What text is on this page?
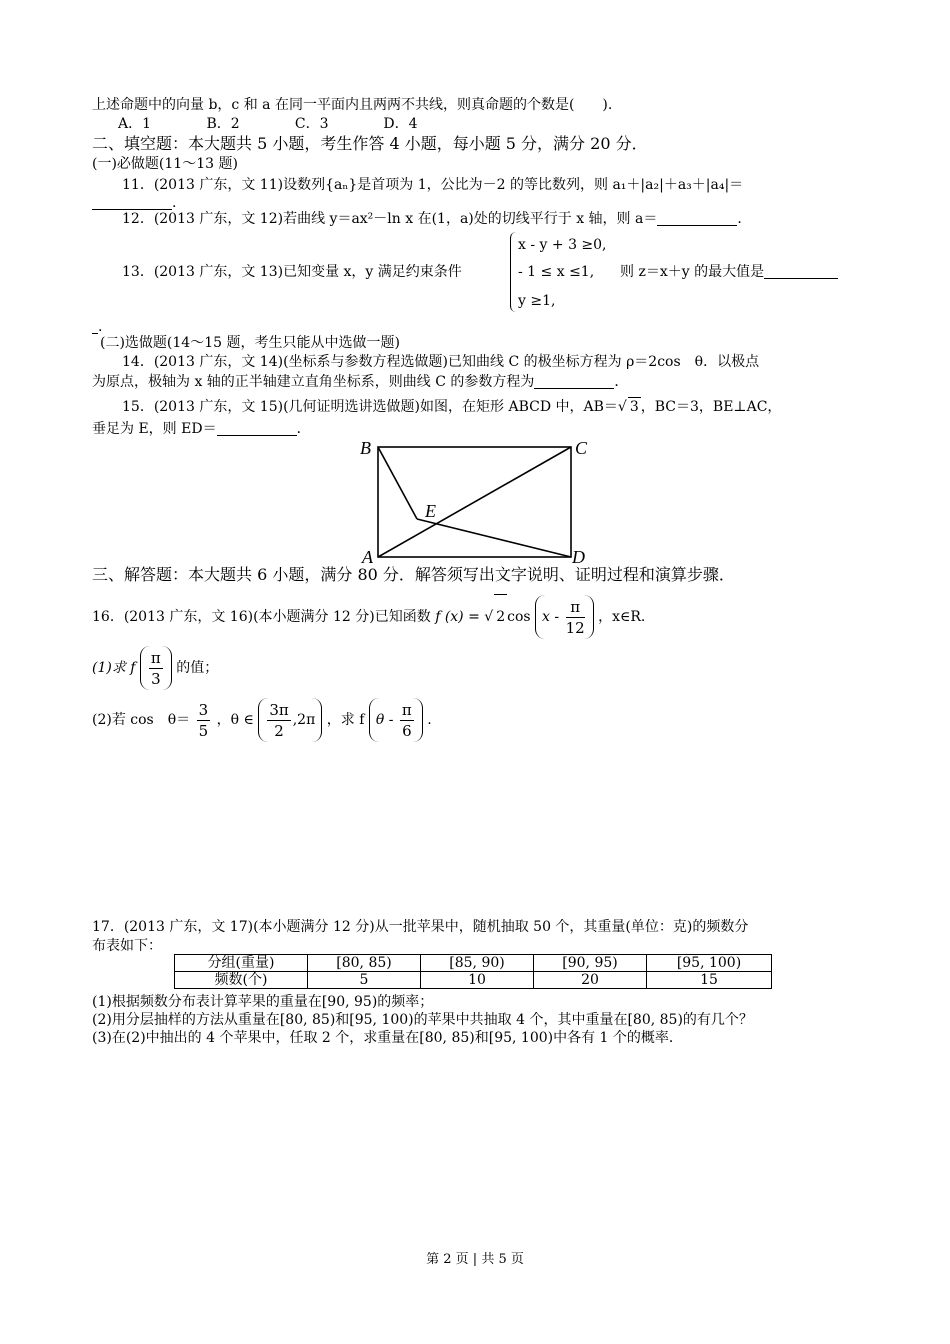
上述命题中的向量 b，c 和 a 在同一平面内且两两不共线，则真命题的个数是(　　).
A．1	B．2	C．3	D．4
二、填空题：本大题共 5 小题，考生作答 4 小题，每小题 5 分，满分 20 分．
(一)必做题(11～13 题)
11．(2013 广东，文 11)设数列{aₙ}是首项为 1，公比为－2 的等比数列，则 a₁＋|a₂|＋a₃＋|a₄|＝
.
12．(2013 广东，文 12)若曲线 y＝ax²－ln x 在(1，a)处的切线平行于 x 轴，则 a＝	．
13．(2013 广东，文 13)已知变量 x，y 满足约束条件
x - y + 3 ≥0,
- 1 ≤ x ≤1,
y ≥1,
则 z＝x＋y 的最大值是
.
(二)选做题(14～15 题，考生只能从中选做一题)
14．(2013 广东，文 14)(坐标系与参数方程选做题)已知曲线 C 的极坐标方程为 ρ＝2cos　θ．以极点
为原点，极轴为 x 轴的正半轴建立直角坐标系，则曲线 C 的参数方程为	．
15．(2013 广东，文 15)(几何证明选讲选做题)如图，在矩形 ABCD 中，AB＝√ 3 ，BC＝3，BE⊥AC，
垂足为 E，则 ED＝	．
B	C
E
A	D
三、解答题：本大题共 6 小题，满分 80 分．解答须写出文字说明、证明过程和演算步骤．
16．(2013 广东，文 16)(本小题满分 12 分)已知函数 f (x) = √ 2 cos x - $\frac{\pi}{12}$ ，x∈R.
(1)求 f $\frac{\pi}{3}$ 的值；
(2)若 cos　$\theta= \frac{3}{5}$ ，θ ∈ $\frac{3\pi}{2} ,2\pi$ ，求 f θ - $\frac{\pi}{6}$ .
17．(2013 广东，文 17)(本小题满分 12 分)从一批苹果中，随机抽取 50 个，其重量(单位：克)的频数分
布表如下：
分组(重量)	[80, 85)	[85, 90)	[90, 95)	[95, 100)
频数(个)	5	10	20	15
(1)根据频数分布表计算苹果的重量在[90, 95)的频率；
(2)用分层抽样的方法从重量在[80, 85)和[95, 100)的苹果中共抽取 4 个，其中重量在[80, 85)的有几个？
(3)在(2)中抽出的 4 个苹果中，任取 2 个，求重量在[80, 85)和[95, 100)中各有 1 个的概率．
第 2 页 | 共 5 页
